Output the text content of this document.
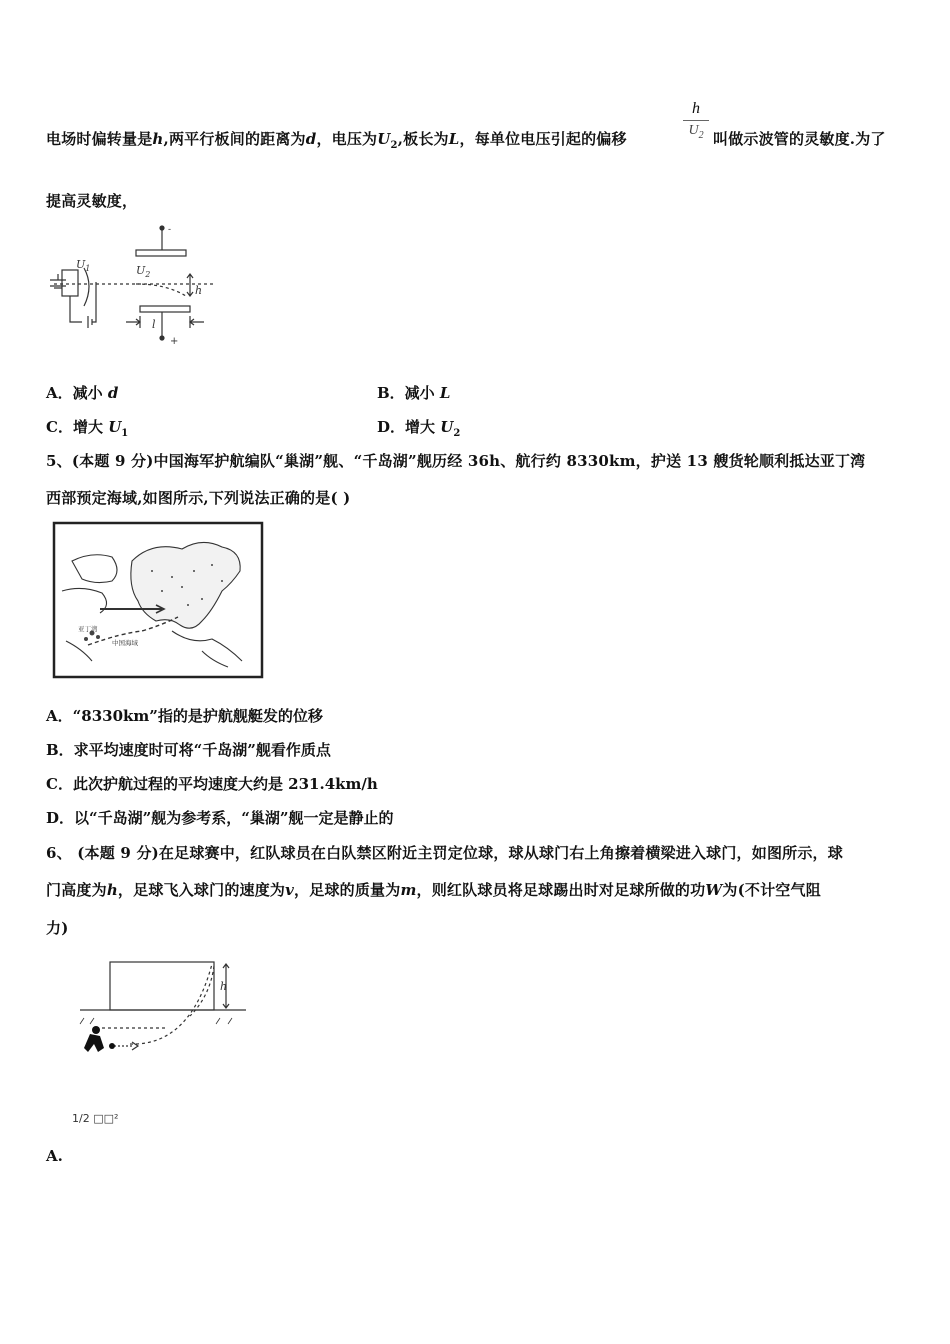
电场时偏转量是h,两平行板间的距离为d，电压为$U_2$,板长为L，每单位电压引起的偏移
h
$U_2$ 叫做示波管的灵敏度.为了
提高灵敏度，
$U_1$	$U_2$
h
l
+
-
A．减小 d	B．减小 L
C．增大 $U_1$	D．增大 $U_2$
5、(本题 9 分)中国海军护航编队“巢湖”舰、“千岛湖”舰历经 36h、航行约 8330km，护送 13 艘货轮顺利抵达亚丁湾
西部预定海域,如图所示,下列说法正确的是( )
亚丁湾
中国海域
A．“8330km”指的是护航舰艇发的位移
B．求平均速度时可将“千岛湖”舰看作质点
C．此次护航过程的平均速度大约是 231.4km/h
D．以“千岛湖”舰为参考系，“巢湖”舰一定是静止的
6、 (本题 9 分)在足球赛中，红队球员在白队禁区附近主罚定位球，球从球门右上角擦着横梁进入球门，如图所示，球
门高度为h，足球飞入球门的速度为v，足球的质量为m，则红队球员将足球踢出时对足球所做的功W为(不计空气阻
力)
h
1/2 □□²
A.
